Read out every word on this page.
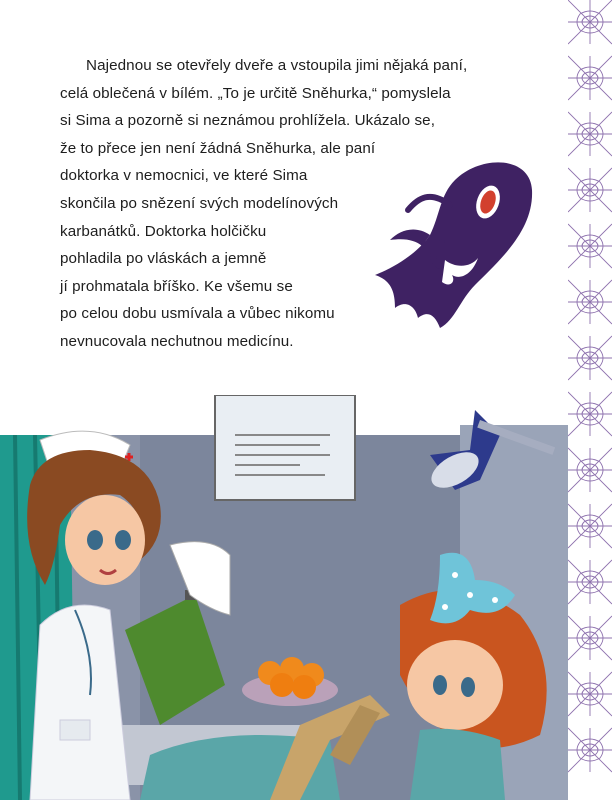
Najednou se otevřely dveře a vstoupila jimi nějaká paní,
celá oblečená v bílém. „To je určitě Sněhurka,“ pomyslela
si Sima a pozorně si neznámou prohlížela. Ukázalo se,
že to přece jen není žádná Sněhurka, ale paní
doktorka v nemocnici, ve které Sima
skončila po snězení svých modelínových
karbanátků. Doktorka holčičku
pohladila po vláskách a jemně
jí prohmatala bříško. Ke všemu se
po celou dobu usmívala a vůbec nikomu
nevnucovala nechutnou medicínu.
